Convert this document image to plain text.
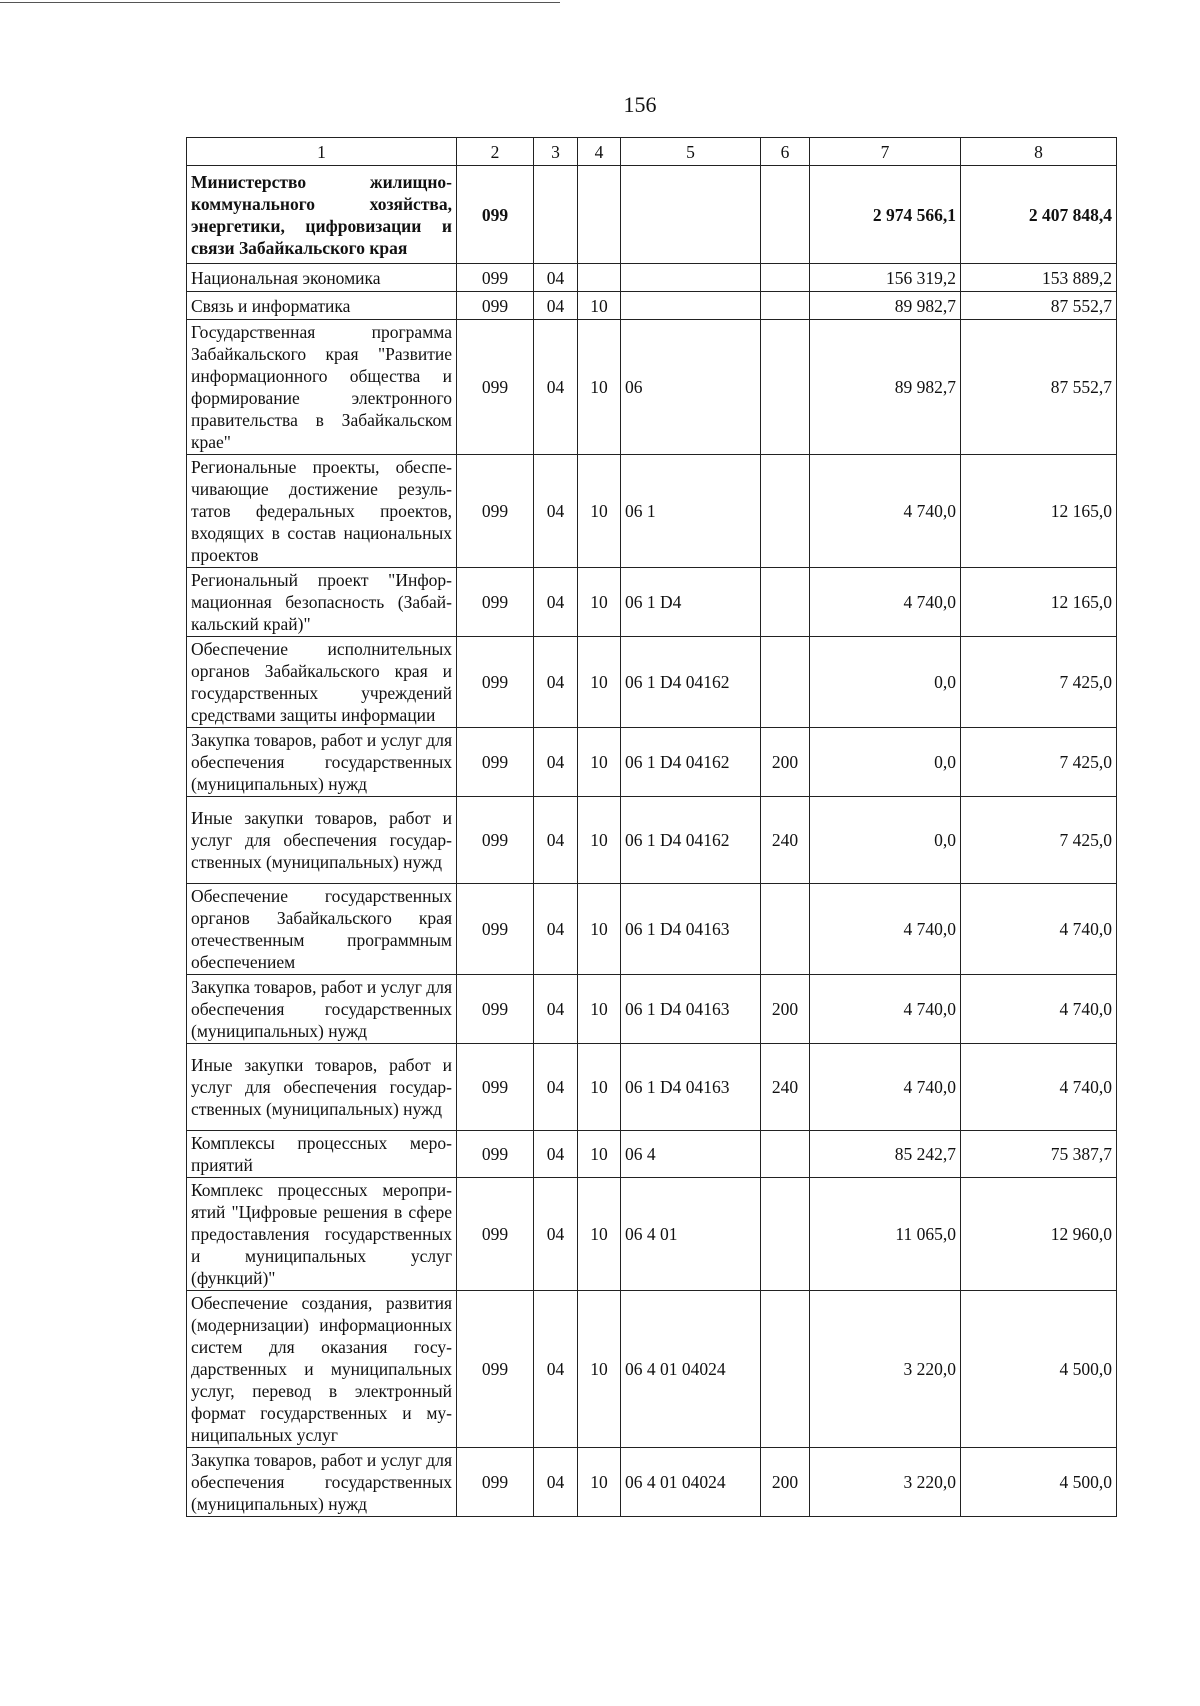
156
1	2	3	4	5	6	7	8
Министерство жилищно-коммунального хозяйства, энергетики, цифровизации и связи Забайкальского края	099					2 974 566,1	2 407 848,4
Национальная экономика	099	04				156 319,2	153 889,2
Связь и информатика	099	04	10			89 982,7	87 552,7
Государственная программа Забайкальского края "Развитие информационного общества и формирование электронного правительства в Забайкальском крае"	099	04	10	06		89 982,7	87 552,7
Региональные проекты, обеспечивающие достижение результатов федеральных проектов, входящих в состав национальных проектов	099	04	10	06 1		4 740,0	12 165,0
Региональный проект "Информационная безопасность (Забайкальский край)"	099	04	10	06 1 D4		4 740,0	12 165,0
Обеспечение исполнительных органов Забайкальского края и государственных учреждений средствами защиты информации	099	04	10	06 1 D4 04162		0,0	7 425,0
Закупка товаров, работ и услуг для обеспечения государственных (муниципальных) нужд	099	04	10	06 1 D4 04162	200	0,0	7 425,0
Иные закупки товаров, работ и услуг для обеспечения государственных (муниципальных) нужд	099	04	10	06 1 D4 04162	240	0,0	7 425,0
Обеспечение государственных органов Забайкальского края отечественным программным обеспечением	099	04	10	06 1 D4 04163		4 740,0	4 740,0
Закупка товаров, работ и услуг для обеспечения государственных (муниципальных) нужд	099	04	10	06 1 D4 04163	200	4 740,0	4 740,0
Иные закупки товаров, работ и услуг для обеспечения государственных (муниципальных) нужд	099	04	10	06 1 D4 04163	240	4 740,0	4 740,0
Комплексы процессных мероприятий	099	04	10	06 4		85 242,7	75 387,7
Комплекс процессных мероприятий "Цифровые решения в сфере предоставления государственных и муниципальных услуг (функций)"	099	04	10	06 4 01		11 065,0	12 960,0
Обеспечение создания, развития (модернизации) информационных систем для оказания государственных и муниципальных услуг, перевод в электронный формат государственных и муниципальных услуг	099	04	10	06 4 01 04024		3 220,0	4 500,0
Закупка товаров, работ и услуг для обеспечения государственных (муниципальных) нужд	099	04	10	06 4 01 04024	200	3 220,0	4 500,0
